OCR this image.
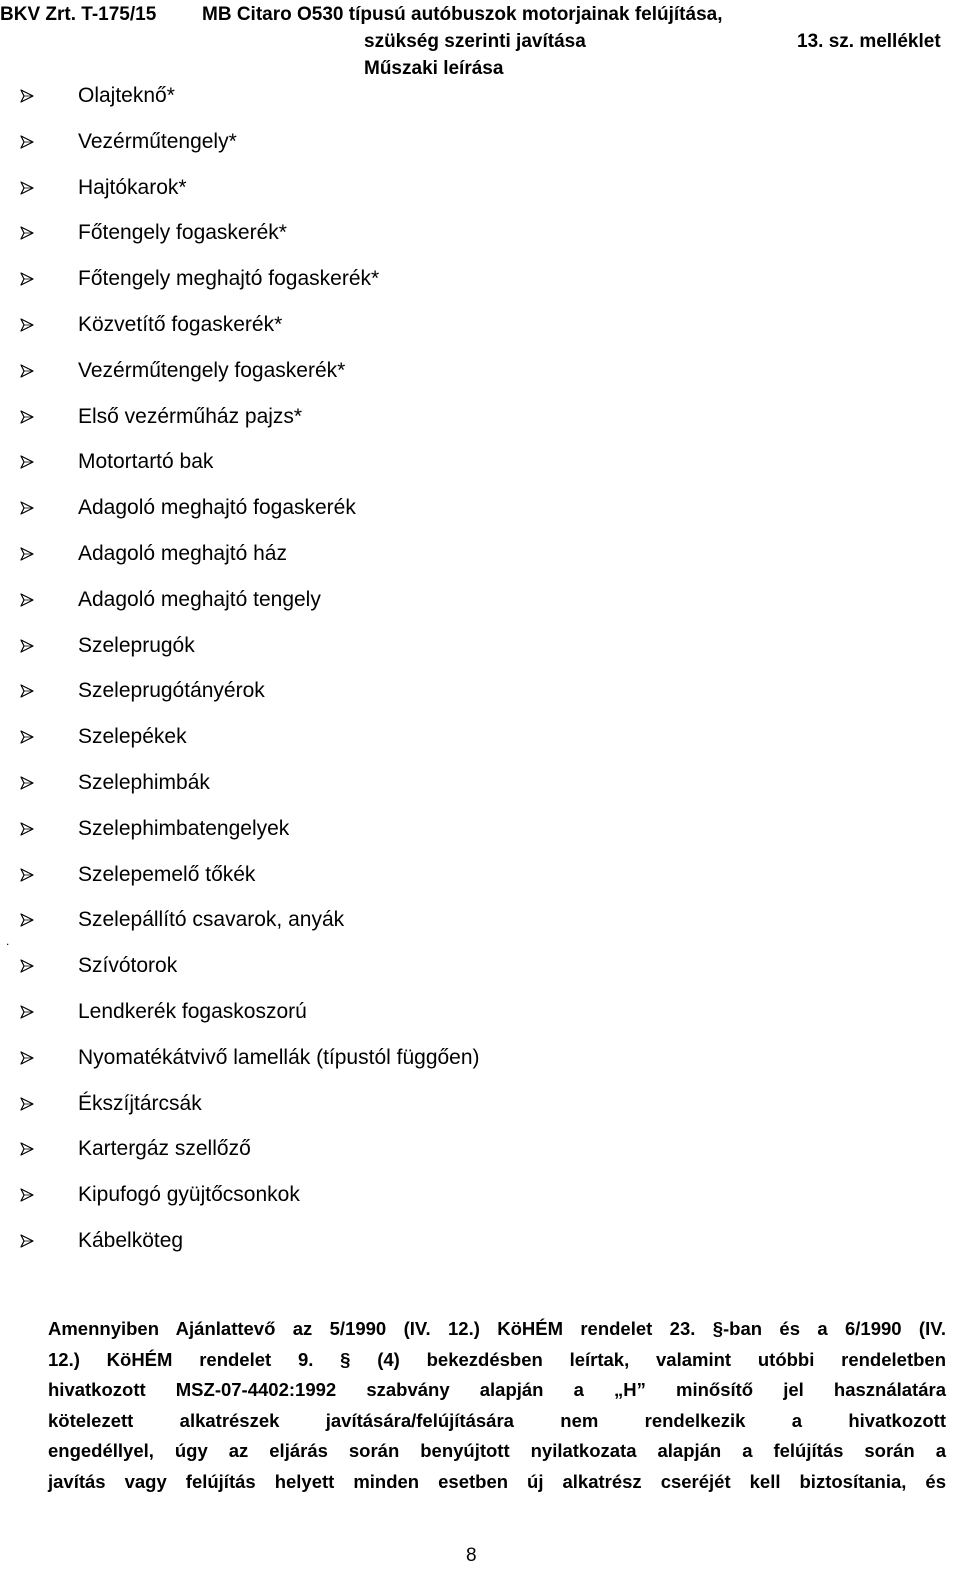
BKV Zrt. T-175/15 MB Citaro O530 típusú autóbuszok motorjainak felújítása,
szükség szerinti javítása	13. sz. melléklet
Műszaki leírása
Olajteknő*
Vezérműtengely*
Hajtókarok*
Főtengely fogaskerék*
Főtengely meghajtó fogaskerék*
Közvetítő fogaskerék*
Vezérműtengely fogaskerék*
Első vezérműház pajzs*
Motortartó bak
Adagoló meghajtó fogaskerék
Adagoló meghajtó ház
Adagoló meghajtó tengely
Szeleprugók
Szeleprugótányérok
Szelepékek
Szelephimbák
Szelephimbatengelyek
Szelepemelő tőkék
Szelepállító csavarok, anyák
Szívótorok
Lendkerék fogaskoszorú
Nyomatékátvivő lamellák (típustól függően)
Ékszíjtárcsák
Kartergáz szellőző
Kipufogó gyüjtőcsonkok
Kábelköteg
.
Amennyiben Ajánlattevő az 5/1990 (IV. 12.) KöHÉM rendelet 23. §-ban és a 6/1990 (IV.
12.) KöHÉM rendelet 9. § (4) bekezdésben leírtak, valamint utóbbi rendeletben
hivatkozott MSZ-07-4402:1992 szabvány alapján a „H” minősítő jel használatára
kötelezett alkatrészek javítására/felújítására nem rendelkezik a hivatkozott
engedéllyel, úgy az eljárás során benyújtott nyilatkozata alapján a felújítás során a
javítás vagy felújítás helyett minden esetben új alkatrész cseréjét kell biztosítania, és
8
